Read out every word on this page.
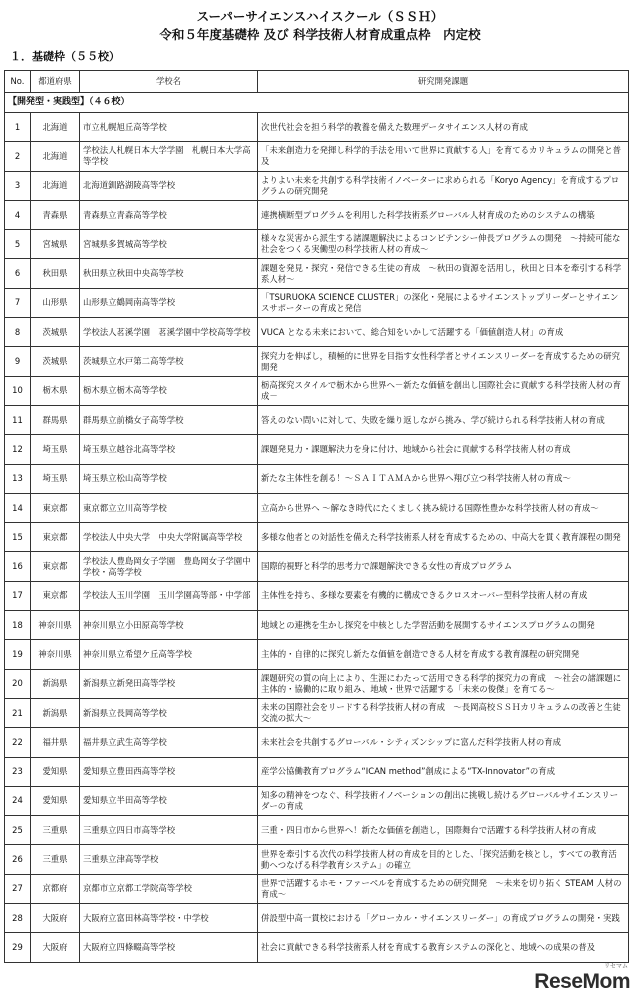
スーパーサイエンスハイスクール（ＳＳＨ）
令和５年度基礎枠 及び 科学技術人材育成重点枠　内定校
１．基礎枠（５５校）
No.	都道府県	学校名	研究開発課題
【開発型・実践型】（４６校）			
1	北海道	市立札幌旭丘高等学校	次世代社会を担う科学的教養を備えた数理データサイエンス人材の育成
2	北海道	学校法人札幌日本大学学園　札幌日本大学高等学校	「未来創造力を発揮し科学的手法を用いて世界に貢献する人」を育てるカリキュラムの開発と普及
3	北海道	北海道釧路湖陵高等学校	よりよい未来を共創する科学技術イノベーターに求められる「Koryo Agency」を育成するプログラムの研究開発
4	青森県	青森県立青森高等学校	連携横断型プログラムを利用した科学技術系グローバル人材育成のためのシステムの構築
5	宮城県	宮城県多賀城高等学校	様々な災害から派生する諸課題解決によるコンピテンシー伸長プログラムの開発　～持続可能な社会をつくる実働型の科学技術人材の育成～
6	秋田県	秋田県立秋田中央高等学校	課題を発見・探究・発信できる生徒の育成　～秋田の資源を活用し，秋田と日本を牽引する科学系人材～
7	山形県	山形県立鶴岡南高等学校	「TSURUOKA SCIENCE CLUSTER」の深化・発展によるサイエンストップリーダーとサイエンスサポーターの育成と発信
8	茨城県	学校法人茗溪学園　茗溪学園中学校高等学校	VUCA となる未来において、総合知をいかして活躍する「価値創造人材」の育成
9	茨城県	茨城県立水戸第二高等学校	探究力を伸ばし，積極的に世界を目指す女性科学者とサイエンスリーダーを育成するための研究開発
10	栃木県	栃木県立栃木高等学校	栃高探究スタイルで栃木から世界へ－新たな価値を創出し国際社会に貢献する科学技術人材の育成－
11	群馬県	群馬県立前橋女子高等学校	答えのない問いに対して、失敗を繰り返しながら挑み、学び続けられる科学技術人材の育成
12	埼玉県	埼玉県立越谷北高等学校	課題発見力・課題解決力を身に付け、地域から社会に貢献する科学技術人材の育成
13	埼玉県	埼玉県立松山高等学校	新たな主体性を創る！～ＳＡＩＴＡＭＡから世界へ翔び立つ科学技術人材の育成～
14	東京都	東京都立立川高等学校	立高から世界へ ～解なき時代にたくましく挑み続ける国際性豊かな科学技術人材の育成～
15	東京都	学校法人中央大学　中央大学附属高等学校	多様な他者との対話性を備えた科学技術系人材を育成するための、中高大を貫く教育課程の開発
16	東京都	学校法人豊島岡女子学園　豊島岡女子学園中学校・高等学校	国際的視野と科学的思考力で課題解決できる女性の育成プログラム
17	東京都	学校法人玉川学園　玉川学園高等部・中学部	主体性を持ち、多様な要素を有機的に構成できるクロスオーバー型科学技術人材の育成
18	神奈川県	神奈川県立小田原高等学校	地域との連携を生かし探究を中核とした学習活動を展開するサイエンスプログラムの開発
19	神奈川県	神奈川県立希望ケ丘高等学校	主体的・自律的に探究し新たな価値を創造できる人材を育成する教育課程の研究開発
20	新潟県	新潟県立新発田高等学校	課題研究の質の向上により、生涯にわたって活用できる科学的探究力の育成　～社会の諸課題に主体的・協働的に取り組み、地域・世界で活躍する「未来の俊傑」を育てる～
21	新潟県	新潟県立長岡高等学校	未来の国際社会をリードする科学技術人材の育成　～長岡高校ＳＳＨカリキュラムの改善と生徒交流の拡大～
22	福井県	福井県立武生高等学校	未来社会を共創するグローバル・シティズンシップに富んだ科学技術人材の育成
23	愛知県	愛知県立豊田西高等学校	産学公協働教育プログラム“ICAN method”創成による“TX-Innovator”の育成
24	愛知県	愛知県立半田高等学校	知多の精神をつなぐ、科学技術イノベーションの創出に挑戦し続けるグローバルサイエンスリーダーの育成
25	三重県	三重県立四日市高等学校	三重・四日市から世界へ！新たな価値を創造し，国際舞台で活躍する科学技術人材の育成
26	三重県	三重県立津高等学校	世界を牽引する次代の科学技術人材の育成を目的とした、「探究活動を核とし，すべての教育活動へつなげる科学教育システム」の確立
27	京都府	京都市立京都工学院高等学校	世界で活躍するホモ・ファーベルを育成するための研究開発　～未来を切り拓く STEAM 人材の育成～
28	大阪府	大阪府立富田林高等学校・中学校	併設型中高一貫校における「グローカル・サイエンスリーダー」の育成プログラムの開発・実践
29	大阪府	大阪府立四條畷高等学校	社会に貢献できる科学技術系人材を育成する教育システムの深化と、地域への成果の普及
リセマム
ReseMom
